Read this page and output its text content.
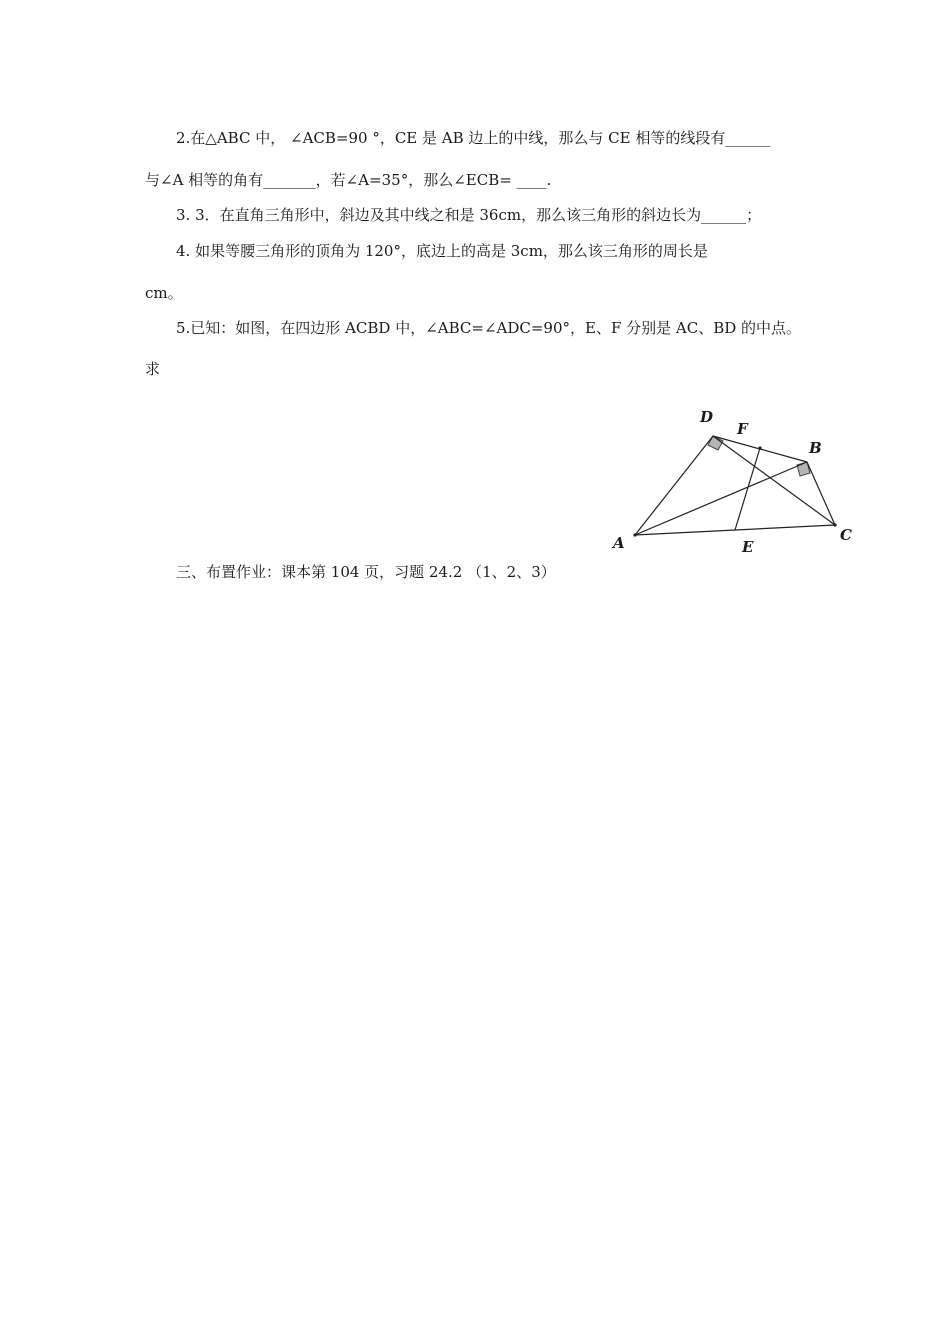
2.在△ABC 中， ∠ACB=90 °，CE 是 AB 边上的中线，那么与 CE 相等的线段有______
与∠A 相等的角有_______，若∠A=35°，那么∠ECB= ____.
3. 3．在直角三角形中，斜边及其中线之和是 36cm，那么该三角形的斜边长为______；
4. 如果等腰三角形的顶角为 120°，底边上的高是 3cm，那么该三角形的周长是
cm。
5.已知：如图，在四边形 ACBD 中，∠ABC=∠ADC=90°，E、F 分别是 AC、BD 的中点。
求
D
F
B
A	E
C
三、布置作业：课本第 104 页，习题 24.2 （1、2、3）
